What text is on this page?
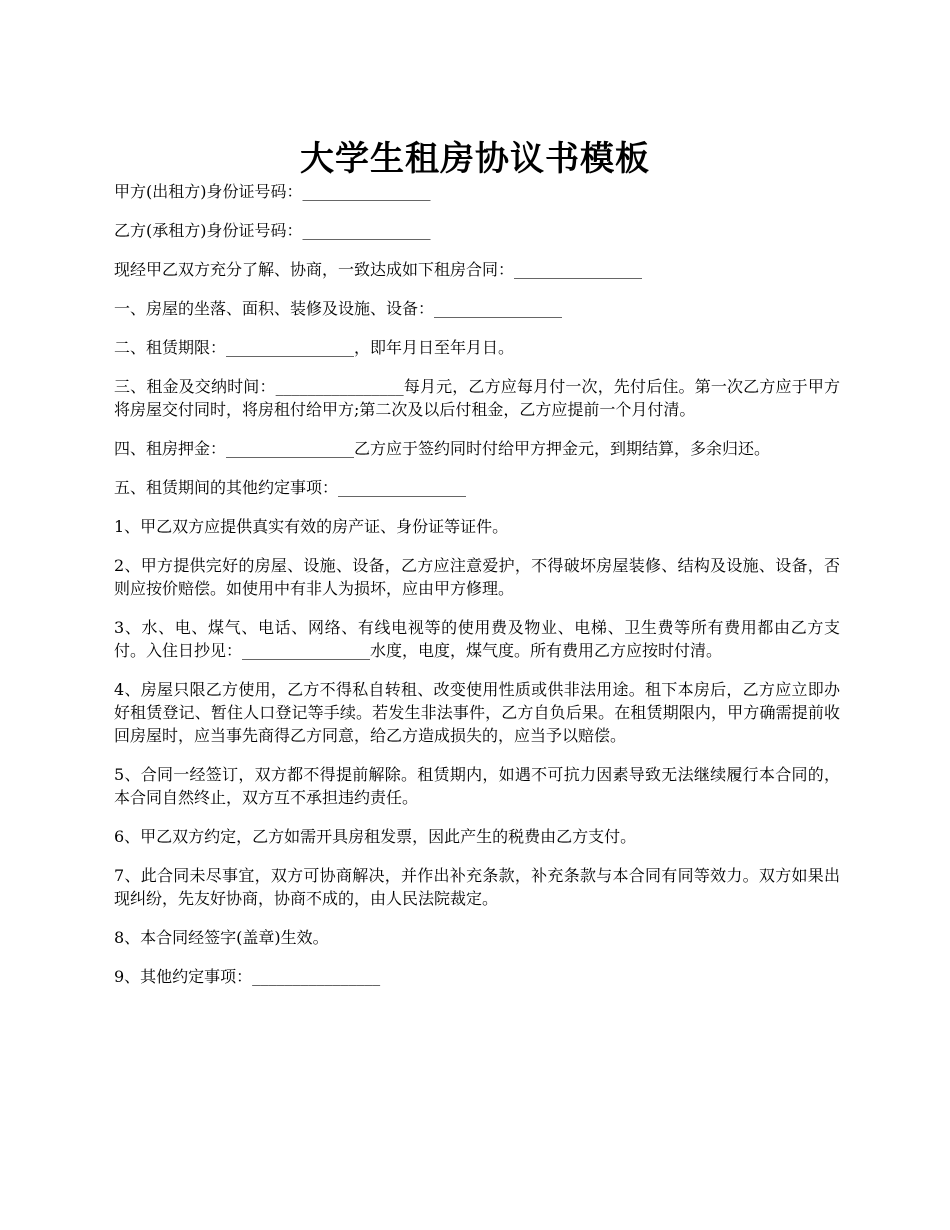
大学生租房协议书模板

甲方(出租方)身份证号码：________________

乙方(承租方)身份证号码：________________

现经甲乙双方充分了解、协商，一致达成如下租房合同：________________

一、房屋的坐落、面积、装修及设施、设备：________________

二、租赁期限：________________，即年月日至年月日。

三、租金及交纳时间：________________每月元，乙方应每月付一次，先付后住。第一次乙方应于甲方将房屋交付同时，将房租付给甲方;第二次及以后付租金，乙方应提前一个月付清。

四、租房押金：________________乙方应于签约同时付给甲方押金元，到期结算，多余归还。

五、租赁期间的其他约定事项：________________

1、甲乙双方应提供真实有效的房产证、身份证等证件。

2、甲方提供完好的房屋、设施、设备，乙方应注意爱护，不得破坏房屋装修、结构及设施、设备，否则应按价赔偿。如使用中有非人为损坏，应由甲方修理。

3、水、电、煤气、电话、网络、有线电视等的使用费及物业、电梯、卫生费等所有费用都由乙方支付。入住日抄见：________________水度，电度，煤气度。所有费用乙方应按时付清。

4、房屋只限乙方使用，乙方不得私自转租、改变使用性质或供非法用途。租下本房后，乙方应立即办好租赁登记、暂住人口登记等手续。若发生非法事件，乙方自负后果。在租赁期限内，甲方确需提前收回房屋时，应当事先商得乙方同意，给乙方造成损失的，应当予以赔偿。

5、合同一经签订，双方都不得提前解除。租赁期内，如遇不可抗力因素导致无法继续履行本合同的，本合同自然终止，双方互不承担违约责任。

6、甲乙双方约定，乙方如需开具房租发票，因此产生的税费由乙方支付。

7、此合同未尽事宜，双方可协商解决，并作出补充条款，补充条款与本合同有同等效力。双方如果出现纠纷，先友好协商，协商不成的，由人民法院裁定。

8、本合同经签字(盖章)生效。

9、其他约定事项：________________
